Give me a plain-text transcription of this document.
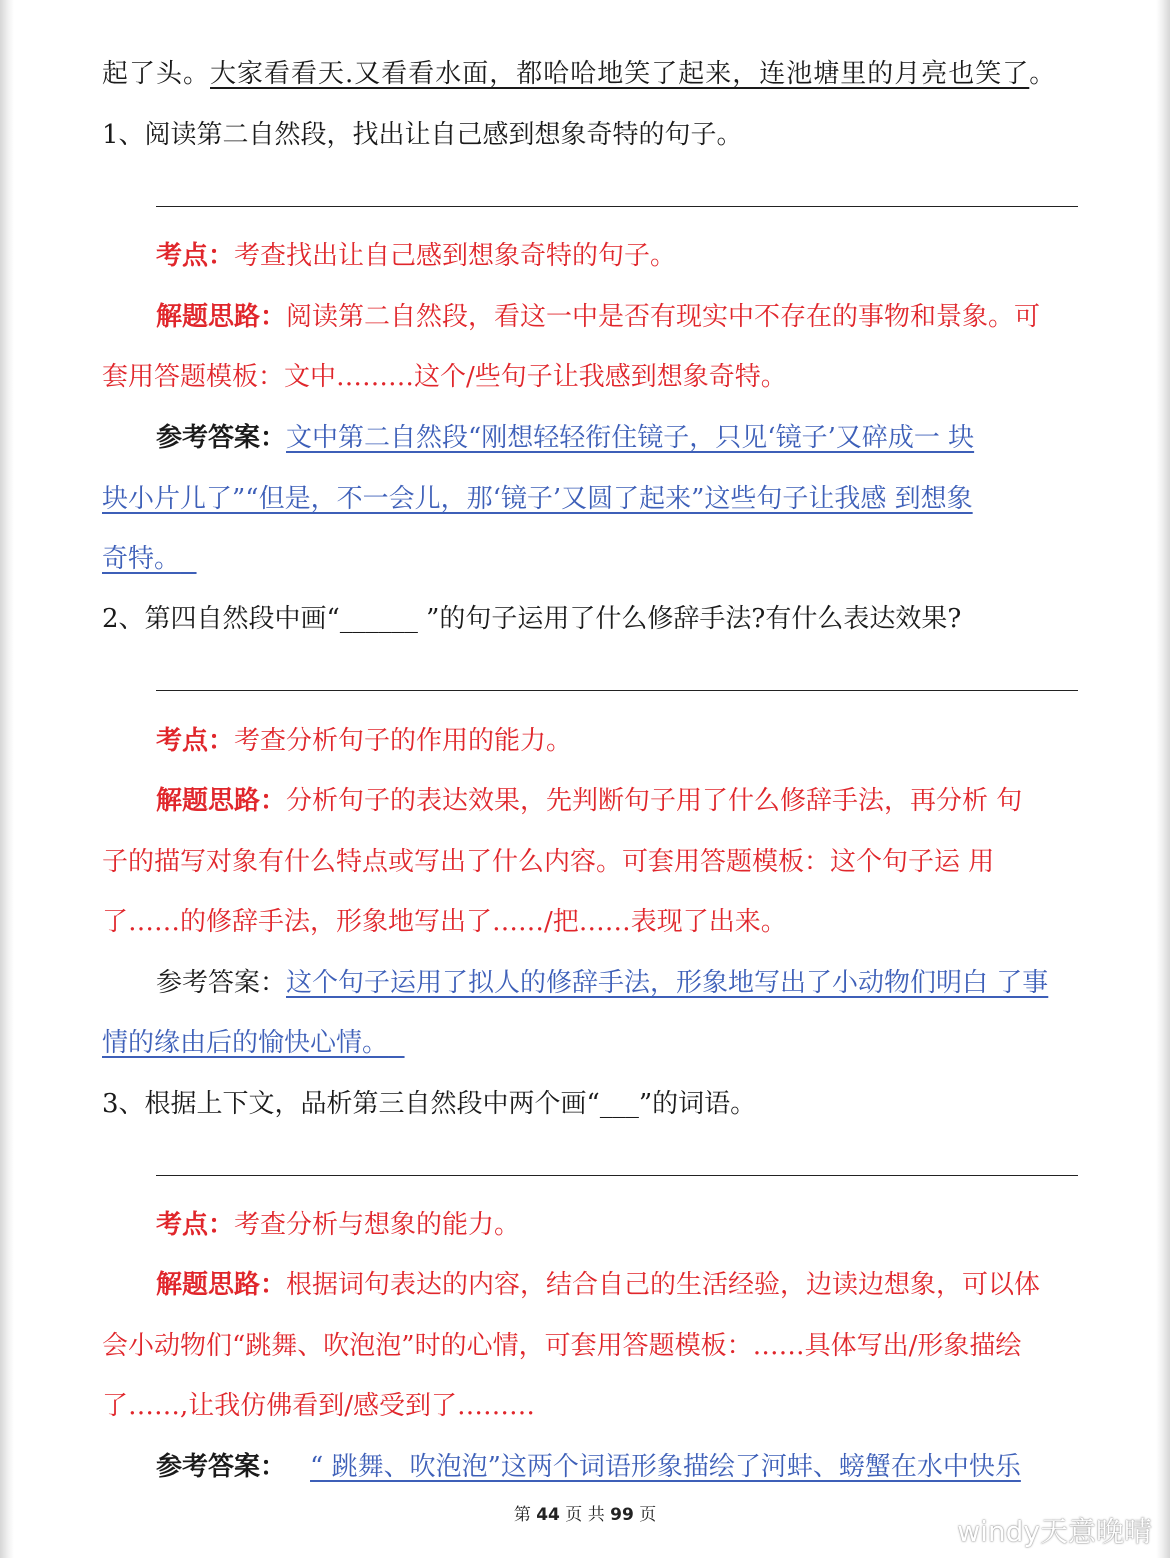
起了头。大家看看天.又看看水面，都哈哈地笑了起来，连池塘里的月亮也笑了。
1、阅读第二自然段，找出让自己感到想象奇特的句子。
考点：考查找出让自己感到想象奇特的句子。
解题思路：阅读第二自然段，看这一中是否有现实中不存在的事物和景象。可
套用答题模板：文中………这个/些句子让我感到想象奇特。
参考答案：文中第二自然段“刚想轻轻衔住镜子，只见‘镜子’又碎成一 块
块小片儿了”“但是，不一会儿，那‘镜子’又圆了起来”这些句子让我感 到想象
奇特。
2、第四自然段中画“______ ”的句子运用了什么修辞手法?有什么表达效果?
考点：考查分析句子的作用的能力。
解题思路：分析句子的表达效果，先判断句子用了什么修辞手法，再分析 句
子的描写对象有什么特点或写出了什么内容。可套用答题模板：这个句子运 用
了……的修辞手法，形象地写出了……/把……表现了出来。
参考答案：这个句子运用了拟人的修辞手法，形象地写出了小动物们明白 了事
情的缘由后的愉快心情。
3、根据上下文，品析第三自然段中两个画“___”的词语。
考点：考查分析与想象的能力。
解题思路：根据词句表达的内容，结合自己的生活经验，边读边想象，可以体
会小动物们“跳舞、吹泡泡”时的心情，可套用答题模板：……具体写出/形象描绘
了……,让我仿佛看到/感受到了………
参考答案： “ 跳舞、吹泡泡”这两个词语形象描绘了河蚌、螃蟹在水中快乐
第 44 页 共 99 页	windy天意晚晴
